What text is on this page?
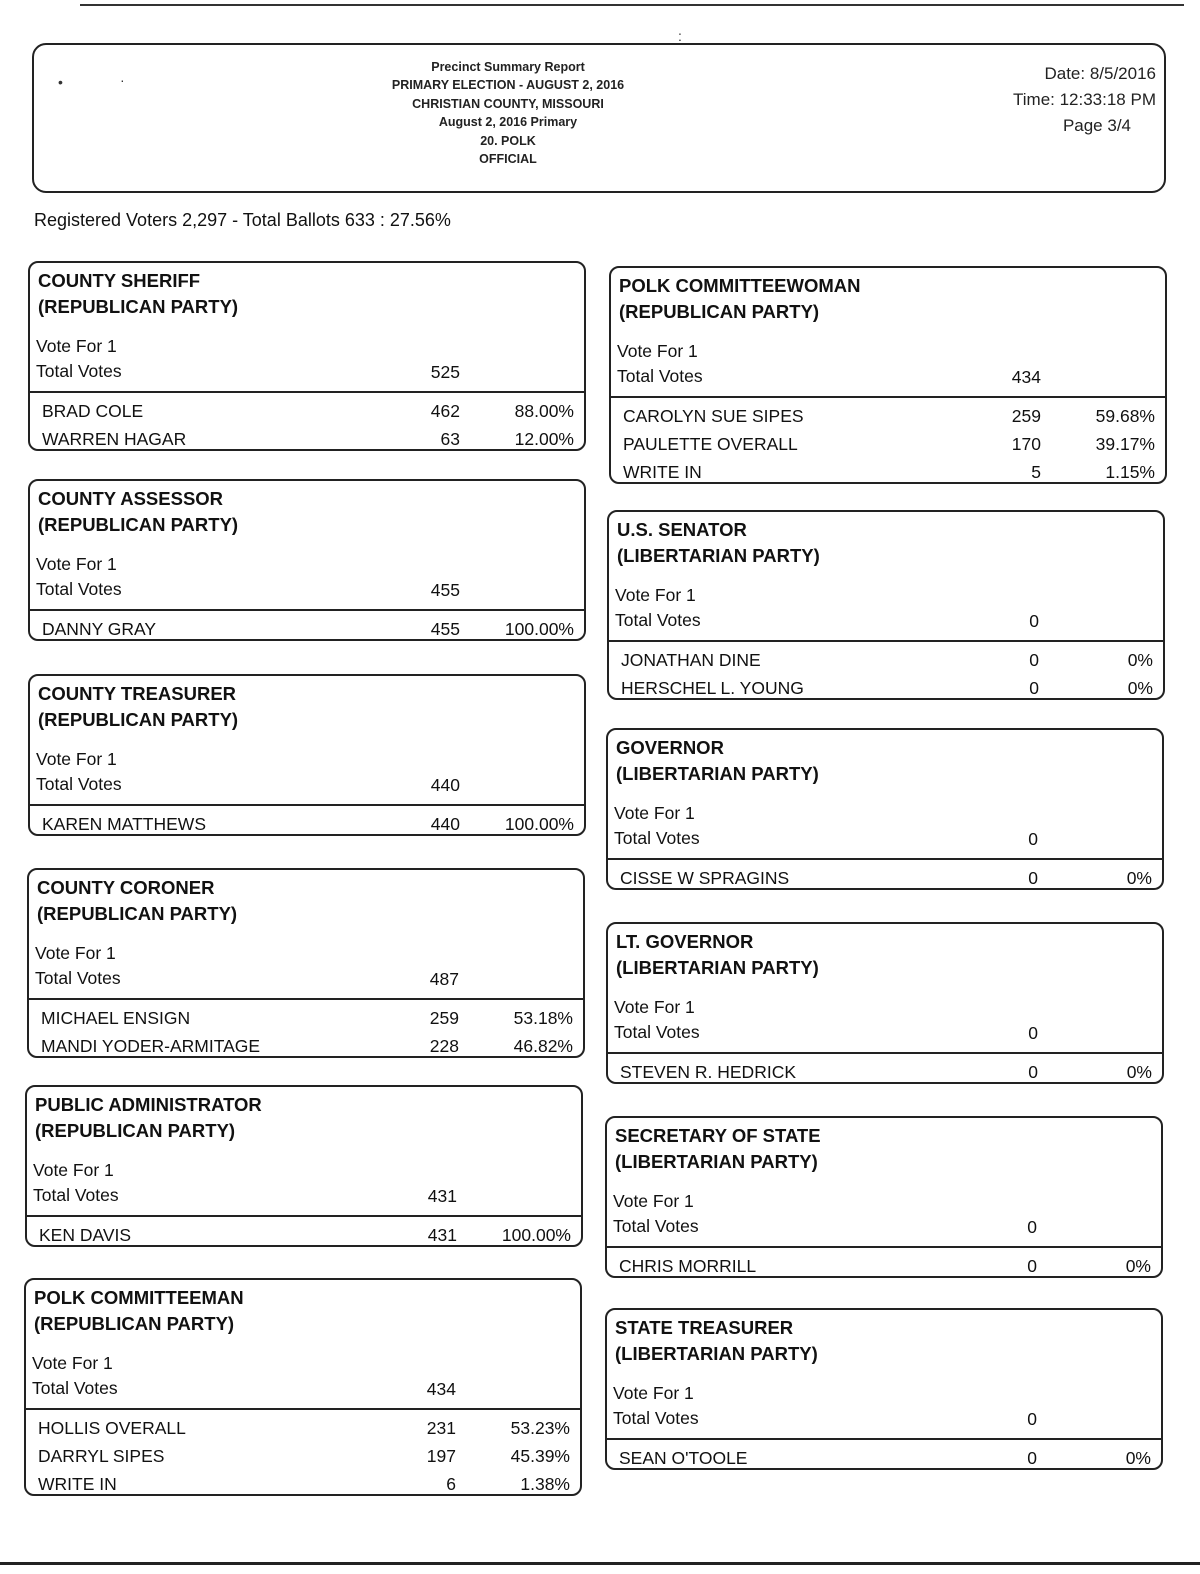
:
•	·
Precinct Summary Report
PRIMARY ELECTION - AUGUST 2, 2016
CHRISTIAN COUNTY, MISSOURI
August 2, 2016 Primary
20. POLK
OFFICIAL
Date: 8/5/2016
Time: 12:33:18 PM
Page 3/4
Registered Voters 2,297 - Total Ballots 633 : 27.56%
COUNTY SHERIFF
(REPUBLICAN PARTY)
Vote For 1
Total Votes	525
BRAD COLE	462	88.00%
WARREN HAGAR	63	12.00%
COUNTY ASSESSOR
(REPUBLICAN PARTY)
Vote For 1
Total Votes	455
DANNY GRAY	455	100.00%
COUNTY TREASURER
(REPUBLICAN PARTY)
Vote For 1
Total Votes	440
KAREN MATTHEWS	440	100.00%
COUNTY CORONER
(REPUBLICAN PARTY)
Vote For 1
Total Votes	487
MICHAEL ENSIGN	259	53.18%
MANDI YODER-ARMITAGE	228	46.82%
PUBLIC ADMINISTRATOR
(REPUBLICAN PARTY)
Vote For 1
Total Votes	431
KEN DAVIS	431	100.00%
POLK COMMITTEEMAN
(REPUBLICAN PARTY)
Vote For 1
Total Votes	434
HOLLIS OVERALL	231	53.23%
DARRYL SIPES	197	45.39%
WRITE IN	6	1.38%
POLK COMMITTEEWOMAN
(REPUBLICAN PARTY)
Vote For 1
Total Votes	434
CAROLYN SUE SIPES	259	59.68%
PAULETTE OVERALL	170	39.17%
WRITE IN	5	1.15%
U.S. SENATOR
(LIBERTARIAN PARTY)
Vote For 1
Total Votes	0
JONATHAN DINE	0	0%
HERSCHEL L. YOUNG	0	0%
GOVERNOR
(LIBERTARIAN PARTY)
Vote For 1
Total Votes	0
CISSE W SPRAGINS	0	0%
LT. GOVERNOR
(LIBERTARIAN PARTY)
Vote For 1
Total Votes	0
STEVEN R. HEDRICK	0	0%
SECRETARY OF STATE
(LIBERTARIAN PARTY)
Vote For 1
Total Votes	0
CHRIS MORRILL	0	0%
STATE TREASURER
(LIBERTARIAN PARTY)
Vote For 1
Total Votes	0
SEAN O'TOOLE	0	0%
